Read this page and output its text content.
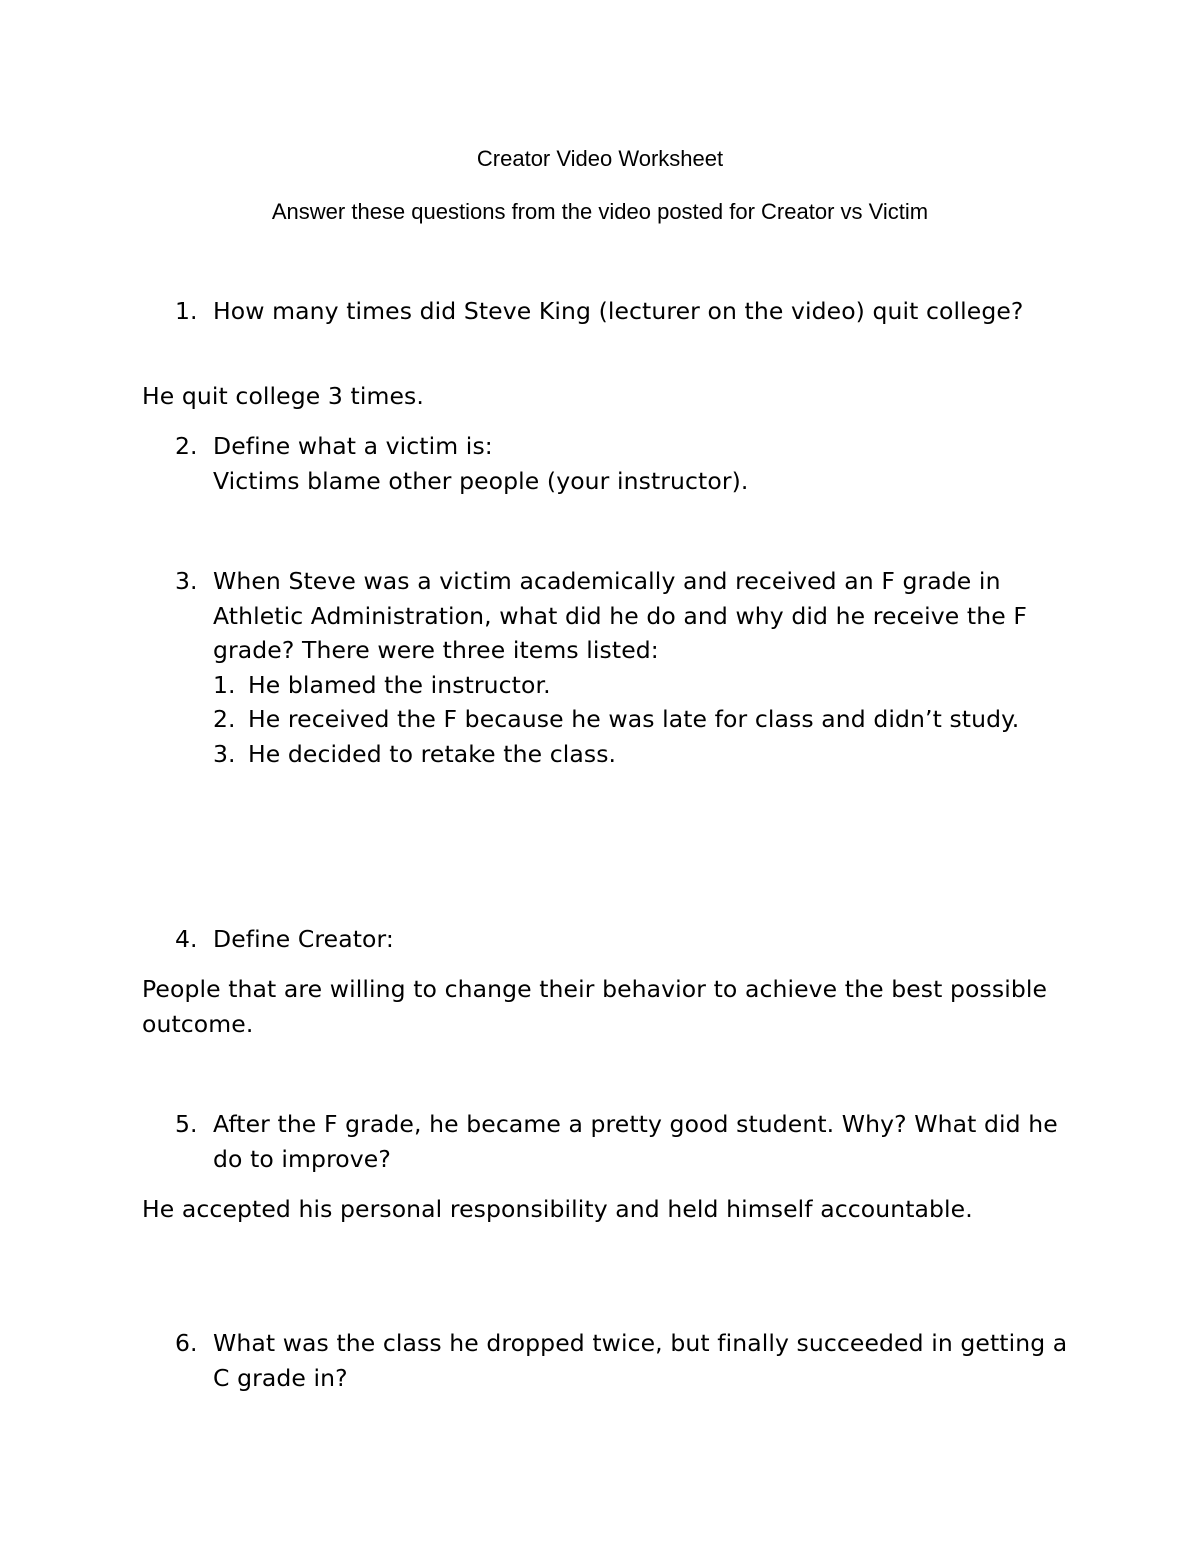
Creator Video Worksheet
Answer these questions from the video posted for Creator vs Victim
1. How many times did Steve King (lecturer on the video) quit college?
He quit college 3 times.
2. Define what a victim is:
Victims blame other people (your instructor).
3. When Steve was a victim academically and received an F grade in Athletic Administration, what did he do and why did he receive the F grade? There were three items listed:
1. He blamed the instructor.
2. He received the F because he was late for class and didn’t study.
3. He decided to retake the class.
4. Define Creator:
People that are willing to change their behavior to achieve the best possible outcome.
5. After the F grade, he became a pretty good student. Why? What did he do to improve?
He accepted his personal responsibility and held himself accountable.
6. What was the class he dropped twice, but finally succeeded in getting a C grade in?
